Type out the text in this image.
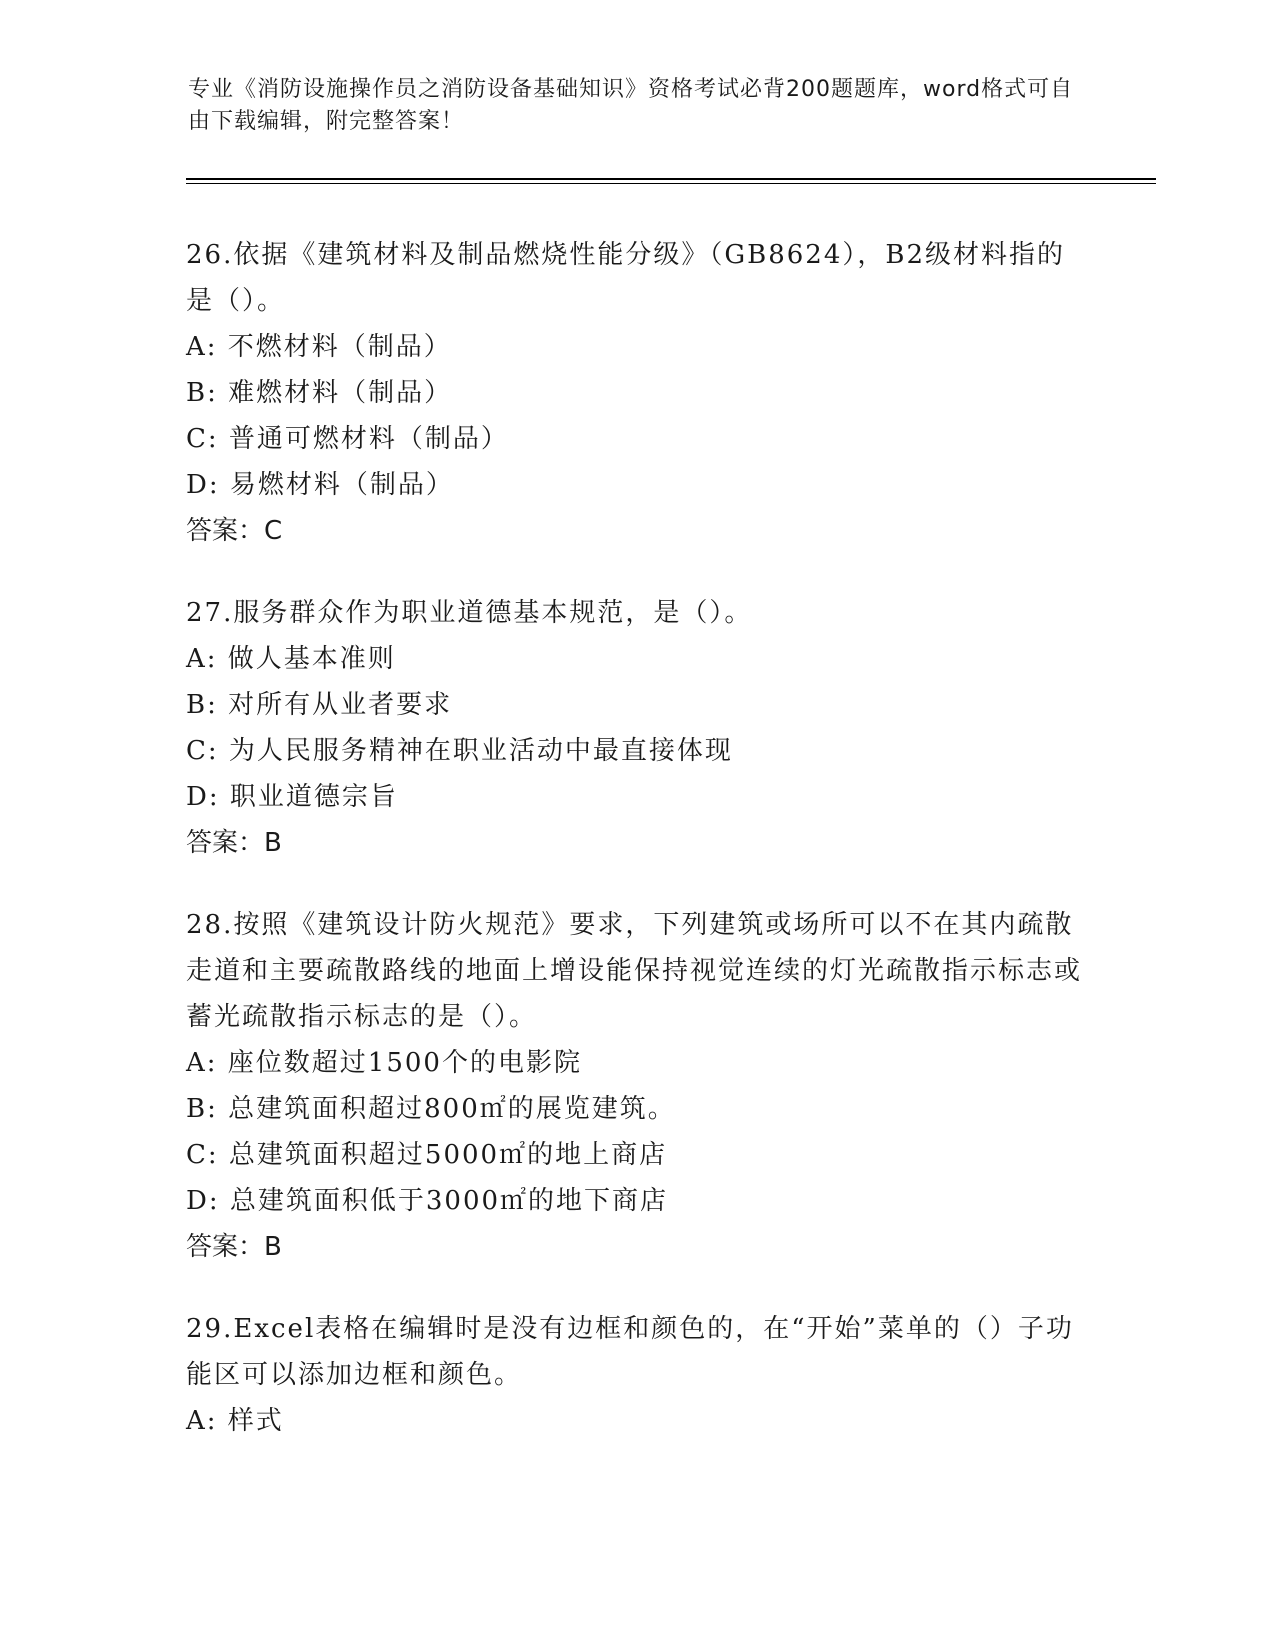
专业《消防设施操作员之消防设备基础知识》资格考试必背200题题库，word格式可自由下载编辑，附完整答案！

26.依据《建筑材料及制品燃烧性能分级》（GB8624），B2级材料指的是（）。

A: 不燃材料（制品）

B: 难燃材料（制品）

C: 普通可燃材料（制品）

D: 易燃材料（制品）

答案：C

27.服务群众作为职业道德基本规范，是（）。

A: 做人基本准则

B: 对所有从业者要求

C: 为人民服务精神在职业活动中最直接体现

D: 职业道德宗旨

答案：B

28.按照《建筑设计防火规范》要求，下列建筑或场所可以不在其内疏散走道和主要疏散路线的地面上增设能保持视觉连续的灯光疏散指示标志或蓄光疏散指示标志的是（）。

A: 座位数超过1500个的电影院

B: 总建筑面积超过800㎡的展览建筑。

C: 总建筑面积超过5000㎡的地上商店

D: 总建筑面积低于3000㎡的地下商店

答案：B

29.Excel表格在编辑时是没有边框和颜色的，在“开始”菜单的（）子功能区可以添加边框和颜色。

A: 样式
